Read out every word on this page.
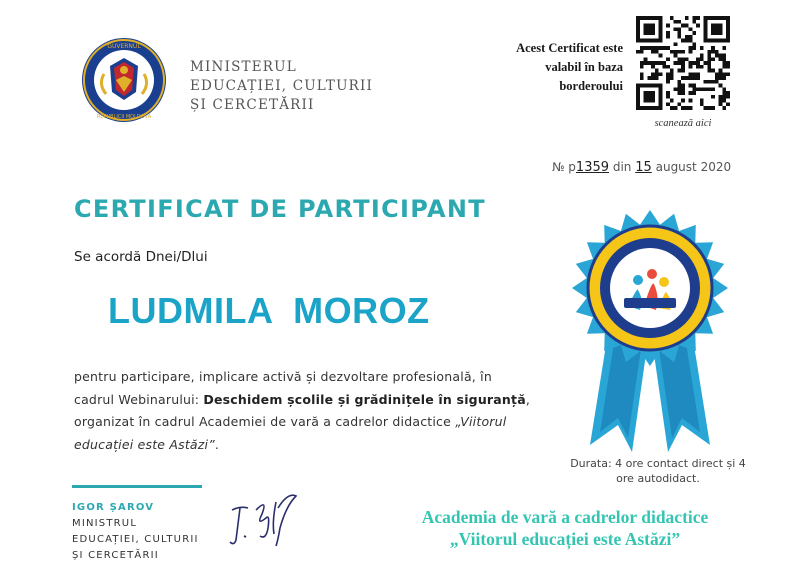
GUVERNUL
REPUBLICII MOLDOVA
MINISTERUL
EDUCAȚIEI, CULTURII
ȘI CERCETĂRII
Acest Certificat este
valabil în baza
borderoului
scanează aici
№ p1359 din 15 august 2020
CERTIFICAT DE PARTICIPANT
Se acordă Dnei/Dlui
LUDMILA  MOROZ
pentru participare, implicare activă și dezvoltare profesională, în cadrul Webinarului: Deschidem școlile și grădinițele în siguranță, organizat în cadrul Academiei de vară a cadrelor didactice „Viitorul educației este Astăzi”.
IGOR ȘAROV
MINISTRUL
EDUCAȚIEI, CULTURII
ȘI CERCETĂRII
Durata: 4 ore contact direct și 4 ore autodidact.
Academia de vară a cadrelor didactice
„Viitorul educației este Astăzi”
